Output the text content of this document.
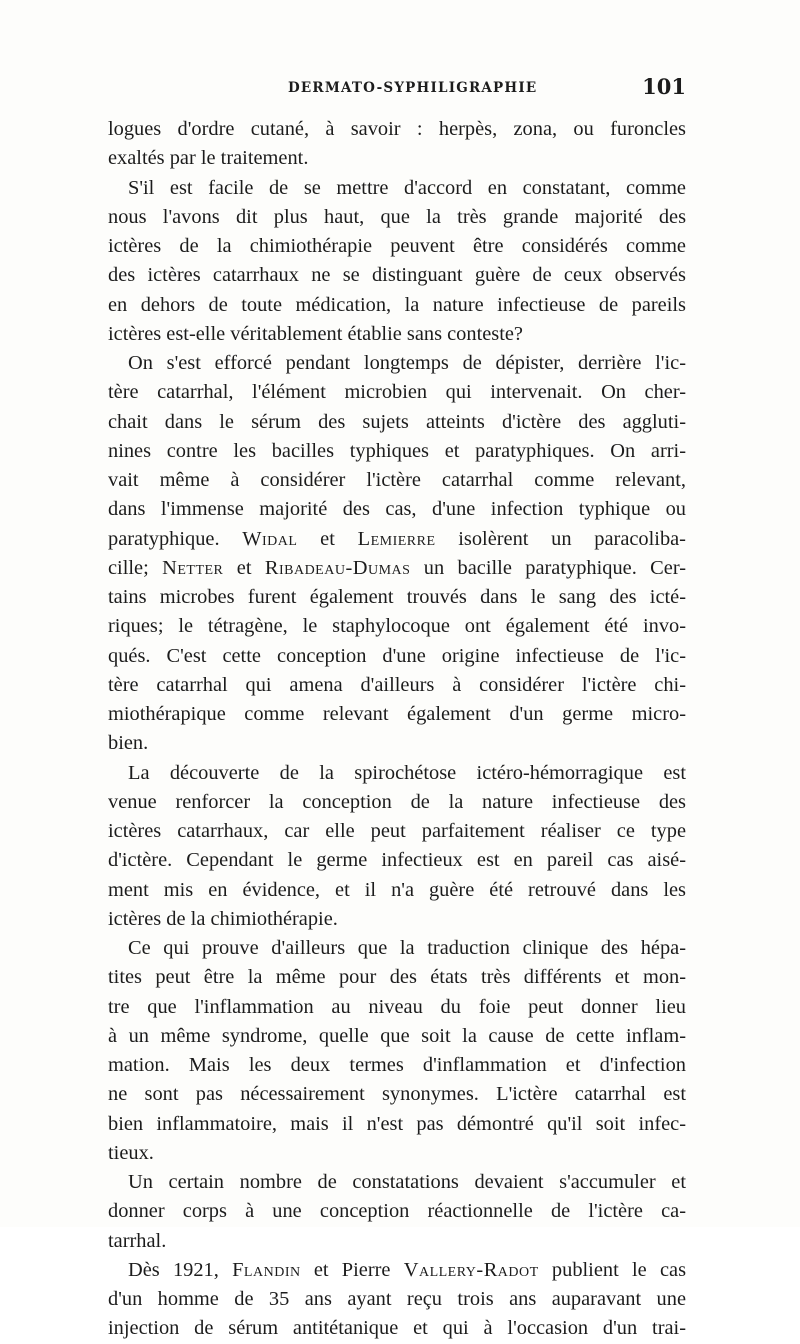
DERMATO-SYPHILIGRAPHIE	101
logues d'ordre cutané, à savoir : herpès, zona, ou furoncles
exaltés par le traitement.
S'il est facile de se mettre d'accord en constatant, comme
nous l'avons dit plus haut, que la très grande majorité des
ictères de la chimiothérapie peuvent être considérés comme
des ictères catarrhaux ne se distinguant guère de ceux observés
en dehors de toute médication, la nature infectieuse de pareils
ictères est-elle véritablement établie sans conteste?
On s'est efforcé pendant longtemps de dépister, derrière l'ic-
tère catarrhal, l'élément microbien qui intervenait. On cher-
chait dans le sérum des sujets atteints d'ictère des aggluti-
nines contre les bacilles typhiques et paratyphiques. On arri-
vait même à considérer l'ictère catarrhal comme relevant,
dans l'immense majorité des cas, d'une infection typhique ou
paratyphique. Widal et Lemierre isolèrent un paracoliba-
cille; Netter et Ribadeau-Dumas un bacille paratyphique. Cer-
tains microbes furent également trouvés dans le sang des icté-
riques; le tétragène, le staphylocoque ont également été invo-
qués. C'est cette conception d'une origine infectieuse de l'ic-
tère catarrhal qui amena d'ailleurs à considérer l'ictère chi-
miothérapique comme relevant également d'un germe micro-
bien.
La découverte de la spirochétose ictéro-hémorragique est
venue renforcer la conception de la nature infectieuse des
ictères catarrhaux, car elle peut parfaitement réaliser ce type
d'ictère. Cependant le germe infectieux est en pareil cas aisé-
ment mis en évidence, et il n'a guère été retrouvé dans les
ictères de la chimiothérapie.
Ce qui prouve d'ailleurs que la traduction clinique des hépa-
tites peut être la même pour des états très différents et mon-
tre que l'inflammation au niveau du foie peut donner lieu
à un même syndrome, quelle que soit la cause de cette inflam-
mation. Mais les deux termes d'inflammation et d'infection
ne sont pas nécessairement synonymes. L'ictère catarrhal est
bien inflammatoire, mais il n'est pas démontré qu'il soit infec-
tieux.
Un certain nombre de constatations devaient s'accumuler et
donner corps à une conception réactionnelle de l'ictère ca-
tarrhal.
Dès 1921, Flandin et Pierre Vallery-Radot publient le cas
d'un homme de 35 ans ayant reçu trois ans auparavant une
injection de sérum antitétanique et qui à l'occasion d'un trai-
